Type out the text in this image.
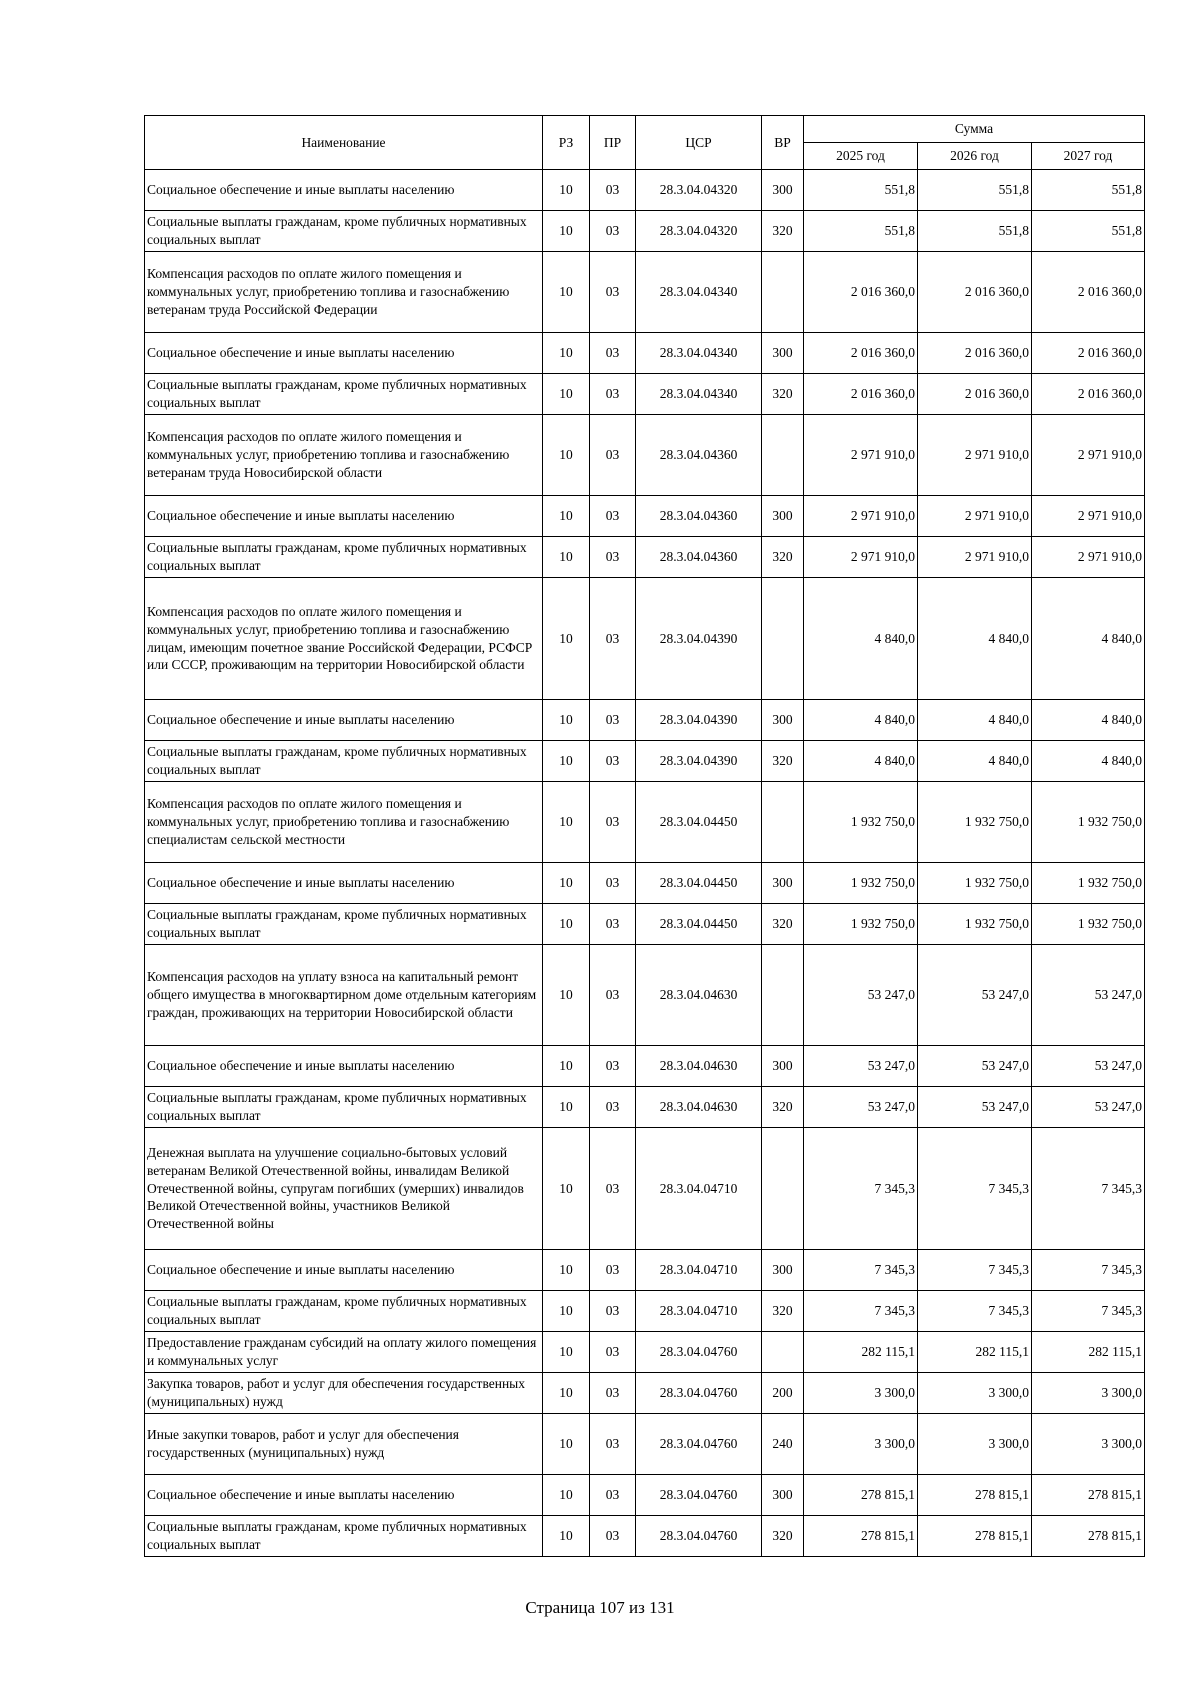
Наименование	РЗ	ПР	ЦСР	ВР	Сумма		
					2025 год	2026 год	2027 год
Социальное обеспечение и иные выплаты населению	10	03	28.3.04.04320	300	551,8	551,8	551,8
Социальные выплаты гражданам, кроме публичных нормативных социальных выплат	10	03	28.3.04.04320	320	551,8	551,8	551,8
Компенсация расходов по оплате жилого помещения и коммунальных услуг, приобретению топлива и газоснабжению ветеранам труда Российской Федерации	10	03	28.3.04.04340		2 016 360,0	2 016 360,0	2 016 360,0
Социальное обеспечение и иные выплаты населению	10	03	28.3.04.04340	300	2 016 360,0	2 016 360,0	2 016 360,0
Социальные выплаты гражданам, кроме публичных нормативных социальных выплат	10	03	28.3.04.04340	320	2 016 360,0	2 016 360,0	2 016 360,0
Компенсация расходов по оплате жилого помещения и коммунальных услуг, приобретению топлива и газоснабжению ветеранам труда Новосибирской области	10	03	28.3.04.04360		2 971 910,0	2 971 910,0	2 971 910,0
Социальное обеспечение и иные выплаты населению	10	03	28.3.04.04360	300	2 971 910,0	2 971 910,0	2 971 910,0
Социальные выплаты гражданам, кроме публичных нормативных социальных выплат	10	03	28.3.04.04360	320	2 971 910,0	2 971 910,0	2 971 910,0
Компенсация расходов по оплате жилого помещения и коммунальных услуг, приобретению топлива и газоснабжению лицам, имеющим почетное звание Российской Федерации, РСФСР или СССР, проживающим на территории Новосибирской области	10	03	28.3.04.04390		4 840,0	4 840,0	4 840,0
Социальное обеспечение и иные выплаты населению	10	03	28.3.04.04390	300	4 840,0	4 840,0	4 840,0
Социальные выплаты гражданам, кроме публичных нормативных социальных выплат	10	03	28.3.04.04390	320	4 840,0	4 840,0	4 840,0
Компенсация расходов по оплате жилого помещения и коммунальных услуг, приобретению топлива и газоснабжению специалистам сельской местности	10	03	28.3.04.04450		1 932 750,0	1 932 750,0	1 932 750,0
Социальное обеспечение и иные выплаты населению	10	03	28.3.04.04450	300	1 932 750,0	1 932 750,0	1 932 750,0
Социальные выплаты гражданам, кроме публичных нормативных социальных выплат	10	03	28.3.04.04450	320	1 932 750,0	1 932 750,0	1 932 750,0
Компенсация расходов на уплату взноса на капитальный ремонт общего имущества в многоквартирном доме отдельным категориям граждан, проживающих на территории Новосибирской области	10	03	28.3.04.04630		53 247,0	53 247,0	53 247,0
Социальное обеспечение и иные выплаты населению	10	03	28.3.04.04630	300	53 247,0	53 247,0	53 247,0
Социальные выплаты гражданам, кроме публичных нормативных социальных выплат	10	03	28.3.04.04630	320	53 247,0	53 247,0	53 247,0
Денежная выплата на улучшение социально-бытовых условий ветеранам Великой Отечественной войны, инвалидам Великой Отечественной войны, супругам погибших (умерших) инвалидов Великой Отечественной войны, участников Великой Отечественной войны	10	03	28.3.04.04710		7 345,3	7 345,3	7 345,3
Социальное обеспечение и иные выплаты населению	10	03	28.3.04.04710	300	7 345,3	7 345,3	7 345,3
Социальные выплаты гражданам, кроме публичных нормативных социальных выплат	10	03	28.3.04.04710	320	7 345,3	7 345,3	7 345,3
Предоставление гражданам субсидий на оплату жилого помещения и коммунальных услуг	10	03	28.3.04.04760		282 115,1	282 115,1	282 115,1
Закупка товаров, работ и услуг для обеспечения государственных (муниципальных) нужд	10	03	28.3.04.04760	200	3 300,0	3 300,0	3 300,0
Иные закупки товаров, работ и услуг для обеспечения государственных (муниципальных) нужд	10	03	28.3.04.04760	240	3 300,0	3 300,0	3 300,0
Социальное обеспечение и иные выплаты населению	10	03	28.3.04.04760	300	278 815,1	278 815,1	278 815,1
Социальные выплаты гражданам, кроме публичных нормативных социальных выплат	10	03	28.3.04.04760	320	278 815,1	278 815,1	278 815,1
Страница 107 из 131
